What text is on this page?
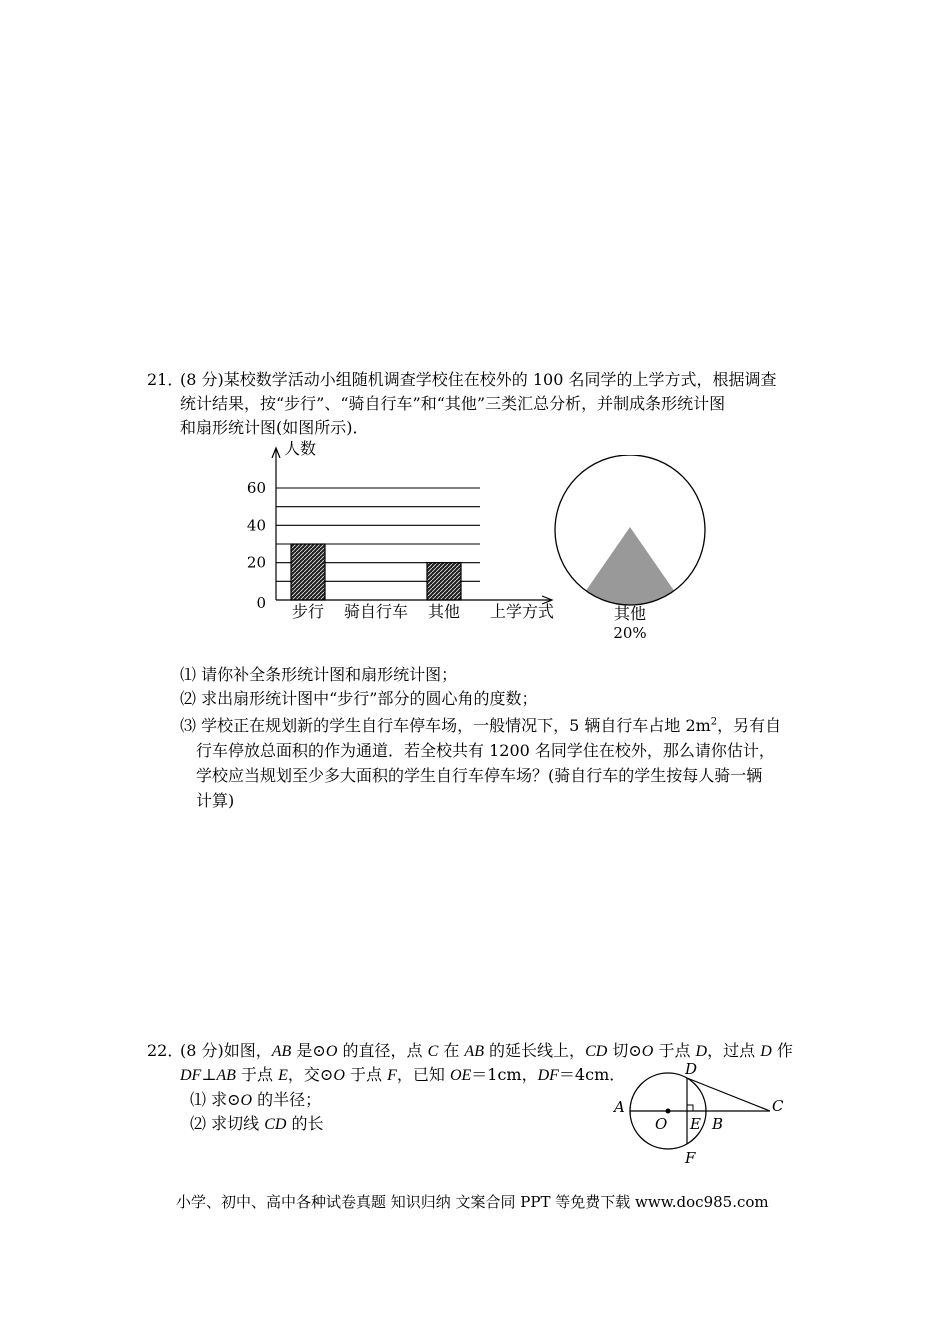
21．
(8 分)某校数学活动小组随机调查学校住在校外的 100 名同学的上学方式，根据调查
统计结果，按“步行”、“骑自行车”和“其他”三类汇总分析，并制成条形统计图
和扇形统计图(如图所示)．
0
20
40
60
人数
步行 骑自行车 其他 上学方式	其他
20%
⑴ 请你补全条形统计图和扇形统计图；
⑵ 求出扇形统计图中“步行”部分的圆心角的度数；
⑶ 学校正在规划新的学生自行车停车场，一般情况下，5 辆自行车占地 $2m^2$，另有自
行车停放总面积的作为通道．若全校共有 1200 名同学住在校外，那么请你估计，
学校应当规划至少多大面积的学生自行车停车场？(骑自行车的学生按每人骑一辆
计算)
22．
(8 分)如图，AB 是⊙O 的直径，点 C 在 AB 的延长线上，CD 切⊙O 于点 D，过点 D 作
DF⊥AB 于点 E，交⊙O 于点 F，已知 OE＝1cm，DF＝4cm．
⑴ 求⊙O 的半径；
⑵ 求切线 CD 的长
A
O E B
C
D
F
小学、初中、高中各种试卷真题 知识归纳 文案合同 PPT 等免费下载 www.doc985.com
